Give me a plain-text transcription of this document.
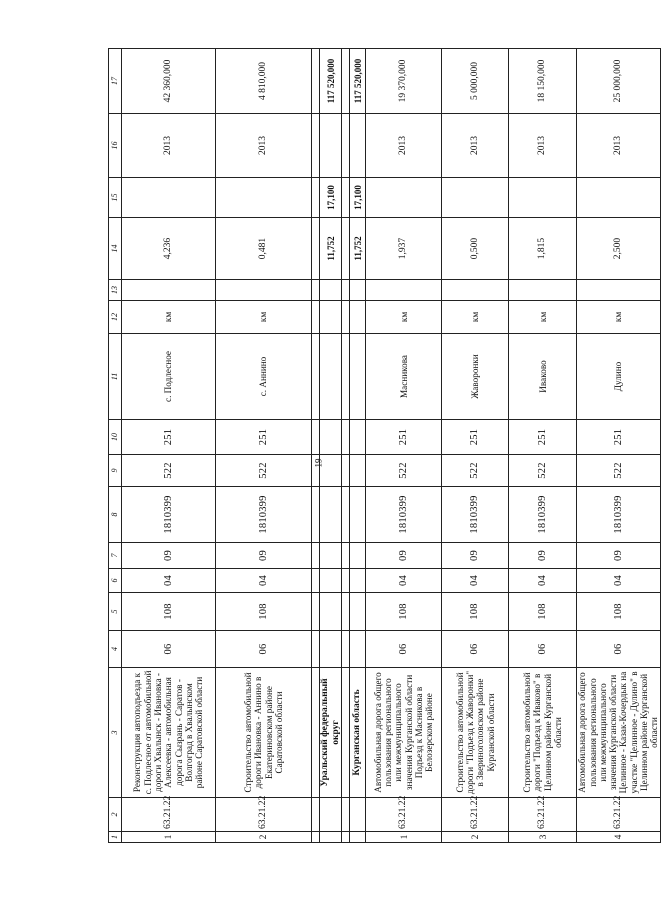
19
1	2	3	4	5	6	7	8	9	10	11	12	13	14	15	16	17
1	63.21.22	Реконструкция автоподъезда к с. Подлесное от автомобильной дороги Хвалынск - Ивановка - Алексеевка - автомобильная дорога Сызрань - Саратов - Волгоград в Хвалынском районе Саратовской области	06	108	04	09	1810399	522	251	с. Подлесное	км		4,236		2013	42 360,000
2	63.21.22	Строительство автомобильной дороги Ивановка - Аннино в Екатериновском районе Саратовской области	06	108	04	09	1810399	522	251	с. Аннино	км		0,481		2013	4 810,000

		Уральский федеральный округ											11,752	17,100		117 520,000

		Курганская область											11,752	17,100		117 520,000
1	63.21.22	Автомобильная дорога общего пользования регионального или межмуниципального значения Курганской области Подъезд к Масникова в Белозерском районе	06	108	04	09	1810399	522	251	Масникова	км		1,937		2013	19 370,000
2	63.21.22	Строительство автомобильной дороги "Подъезд к Жаворонки" в Звериноголовском районе Курганской области	06	108	04	09	1810399	522	251	Жаворонки	км		0,500		2013	5 000,000
3	63.21.22	Строительство автомобильной дороги "Подъезд к Иваково" в Целинном районе Курганской области	06	108	04	09	1810399	522	251	Иваково	км		1,815		2013	18 150,000
4	63.21.22	Автомобильная дорога общего пользования регионального или межмуниципального значения Курганской области Целинное - Казак-Кочердык на участке "Целинное - Дулино" в Целинном районе Курганской области	06	108	04	09	1810399	522	251	Дулино	км		2,500		2013	25 000,000
